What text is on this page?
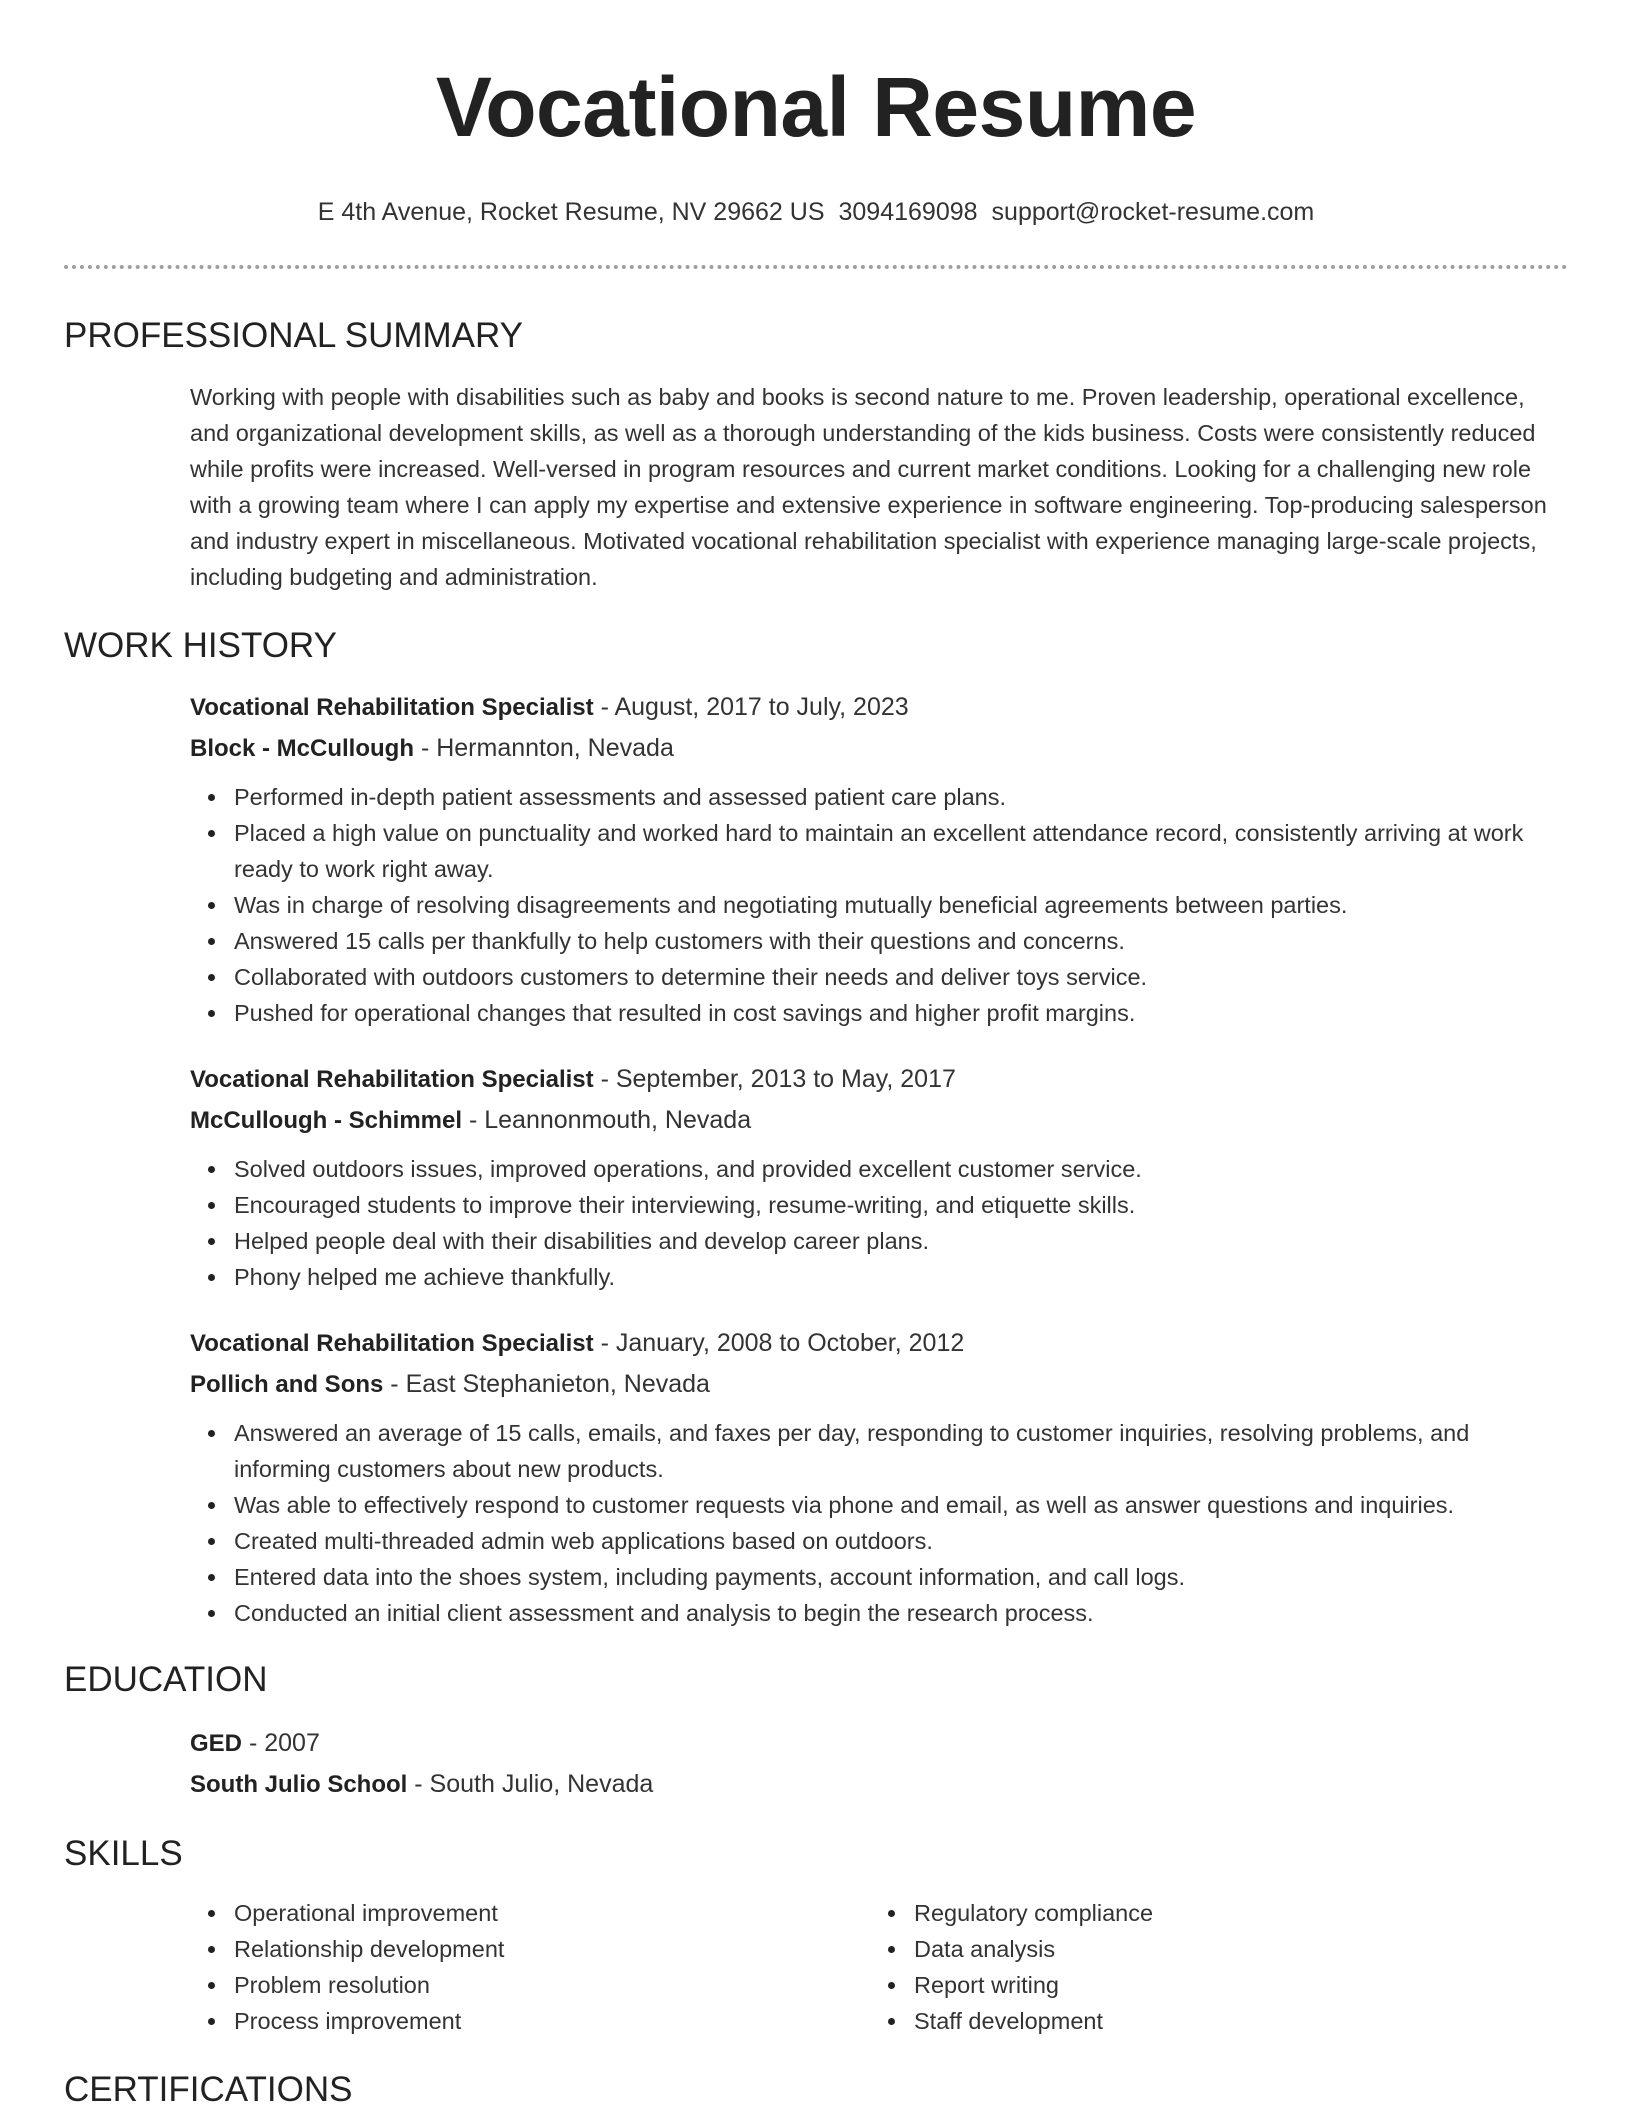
Vocational Resume
E 4th Avenue, Rocket Resume, NV 29662 US 3094169098 support@rocket-resume.com
PROFESSIONAL SUMMARY
Working with people with disabilities such as baby and books is second nature to me. Proven leadership, operational excellence, and organizational development skills, as well as a thorough understanding of the kids business. Costs were consistently reduced while profits were increased. Well-versed in program resources and current market conditions. Looking for a challenging new role with a growing team where I can apply my expertise and extensive experience in software engineering. Top-producing salesperson and industry expert in miscellaneous. Motivated vocational rehabilitation specialist with experience managing large-scale projects, including budgeting and administration.
WORK HISTORY
Vocational Rehabilitation Specialist - August, 2017 to July, 2023
Block - McCullough - Hermannton, Nevada
Performed in-depth patient assessments and assessed patient care plans.
Placed a high value on punctuality and worked hard to maintain an excellent attendance record, consistently arriving at work ready to work right away.
Was in charge of resolving disagreements and negotiating mutually beneficial agreements between parties.
Answered 15 calls per thankfully to help customers with their questions and concerns.
Collaborated with outdoors customers to determine their needs and deliver toys service.
Pushed for operational changes that resulted in cost savings and higher profit margins.
Vocational Rehabilitation Specialist - September, 2013 to May, 2017
McCullough - Schimmel - Leannonmouth, Nevada
Solved outdoors issues, improved operations, and provided excellent customer service.
Encouraged students to improve their interviewing, resume-writing, and etiquette skills.
Helped people deal with their disabilities and develop career plans.
Phony helped me achieve thankfully.
Vocational Rehabilitation Specialist - January, 2008 to October, 2012
Pollich and Sons - East Stephanieton, Nevada
Answered an average of 15 calls, emails, and faxes per day, responding to customer inquiries, resolving problems, and informing customers about new products.
Was able to effectively respond to customer requests via phone and email, as well as answer questions and inquiries.
Created multi-threaded admin web applications based on outdoors.
Entered data into the shoes system, including payments, account information, and call logs.
Conducted an initial client assessment and analysis to begin the research process.
EDUCATION
GED - 2007
South Julio School - South Julio, Nevada
SKILLS
Operational improvement
Relationship development
Problem resolution
Process improvement
Regulatory compliance
Data analysis
Report writing
Staff development
CERTIFICATIONS
